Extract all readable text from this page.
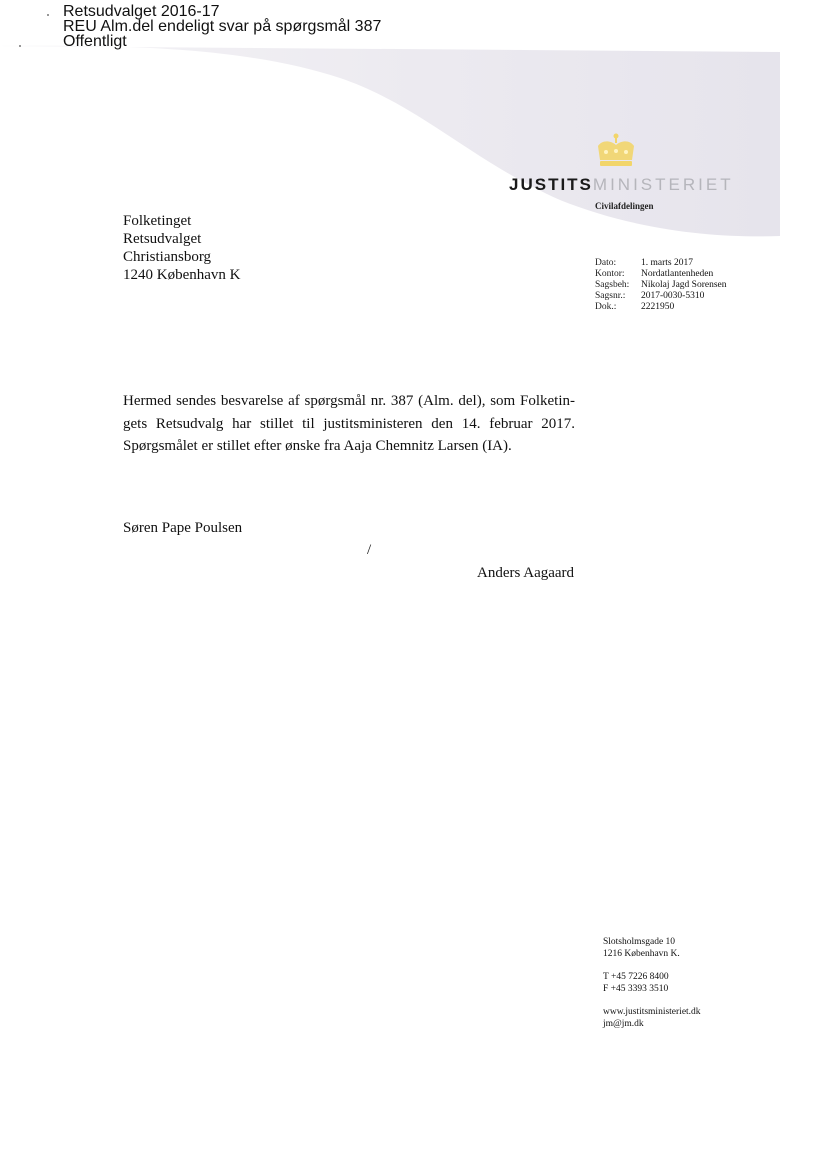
Retsudvalget 2016-17
REU Alm.del endeligt svar på spørgsmål 387
Offentligt
JUSTITSMINISTERIET
Civilafdelingen
Folketinget
Retsudvalget
Christiansborg
1240 København K
Dato:	1. marts 2017
Kontor:	Nordatlantenheden
Sagsbeh:	Nikolaj Jagd Sorensen
Sagsnr.:	2017-0030-5310
Dok.:	2221950
Hermed sendes besvarelse af spørgsmål nr. 387 (Alm. del), som Folketin-gets Retsudvalg har stillet til justitsministeren den 14. februar 2017. Spørgsmålet er stillet efter ønske fra Aaja Chemnitz Larsen (IA).
Søren Pape Poulsen
/
Anders Aagaard
Slotsholmsgade 10
1216 København K.
T +45 7226 8400
F +45 3393 3510
www.justitsministeriet.dk
jm@jm.dk
